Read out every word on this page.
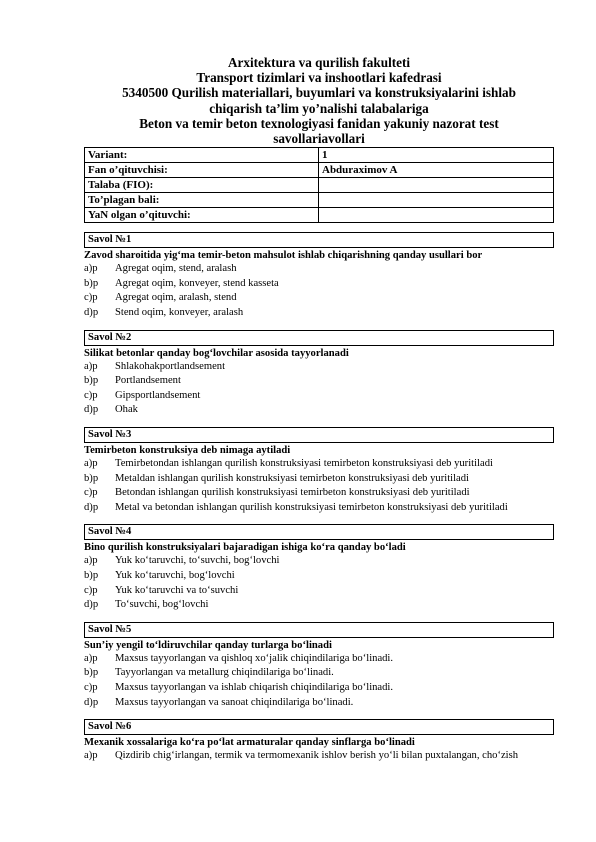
Arxitektura va qurilish fakulteti
Transport tizimlari va inshootlari kafedrasi
5340500 Qurilish materiallari, buyumlari va konstruksiyalarini ishlab
chiqarish ta’lim yo’nalishi talabalariga
Beton va temir beton texnologiyasi fanidan yakuniy nazorat test
savollariavollari
Variant:	1
Fan o’qituvchisi:	Abduraximov A
Talaba (FIO):	
To’plagan bali:	
YaN olgan o’qituvchi:	
Savol №1
Zavod sharoitida yig‘ma temir-beton mahsulot ishlab chiqarishning qanday usullari bor
a)p	Agregat oqim, stend, aralash
b)p	Agregat oqim, konveyer, stend kasseta
c)p	Agregat oqim, aralash, stend
d)p	Stend oqim, konveyer, aralash
Savol №2
Silikat betonlar qanday bog‘lovchilar asosida tayyorlanadi
a)p	Shlakohakportlandsement
b)p	Portlandsement
c)p	Gipsportlandsement
d)p	Ohak
Savol №3
Temirbeton konstruksiya deb nimaga aytiladi
a)p	Temirbetondan ishlangan qurilish konstruksiyasi temirbeton konstruksiyasi deb yuritiladi
b)p	Metaldan ishlangan qurilish konstruksiyasi temirbeton konstruksiyasi deb yuritiladi
c)p	Betondan ishlangan qurilish konstruksiyasi temirbeton konstruksiyasi deb yuritiladi
d)p	Metal va betondan ishlangan qurilish konstruksiyasi temirbeton konstruksiyasi deb yuritiladi
Savol №4
Bino qurilish konstruksiyalari bajaradigan ishiga ko‘ra qanday bo‘ladi
a)p	Yuk ko‘taruvchi, to‘suvchi, bog‘lovchi
b)p	Yuk ko‘taruvchi, bog‘lovchi
c)p	Yuk ko‘taruvchi va to‘suvchi
d)p	To‘suvchi, bog‘lovchi
Savol №5
Sun’iy yengil to‘ldiruvchilar qanday turlarga bo‘linadi
a)p	Maxsus tayyorlangan va qishloq xo‘jalik chiqindilariga bo‘linadi.
b)p	Tayyorlangan va metallurg chiqindilariga bo‘linadi.
c)p	Maxsus tayyorlangan va ishlab chiqarish chiqindilariga bo‘linadi.
d)p	Maxsus tayyorlangan va sanoat chiqindilariga bo‘linadi.
Savol №6
Mexanik xossalariga ko‘ra po‘lat armaturalar qanday sinflarga bo‘linadi
a)p	Qizdirib chig‘irlangan, termik va termomexanik ishlov berish yo‘li bilan puxtalangan, cho‘zish
